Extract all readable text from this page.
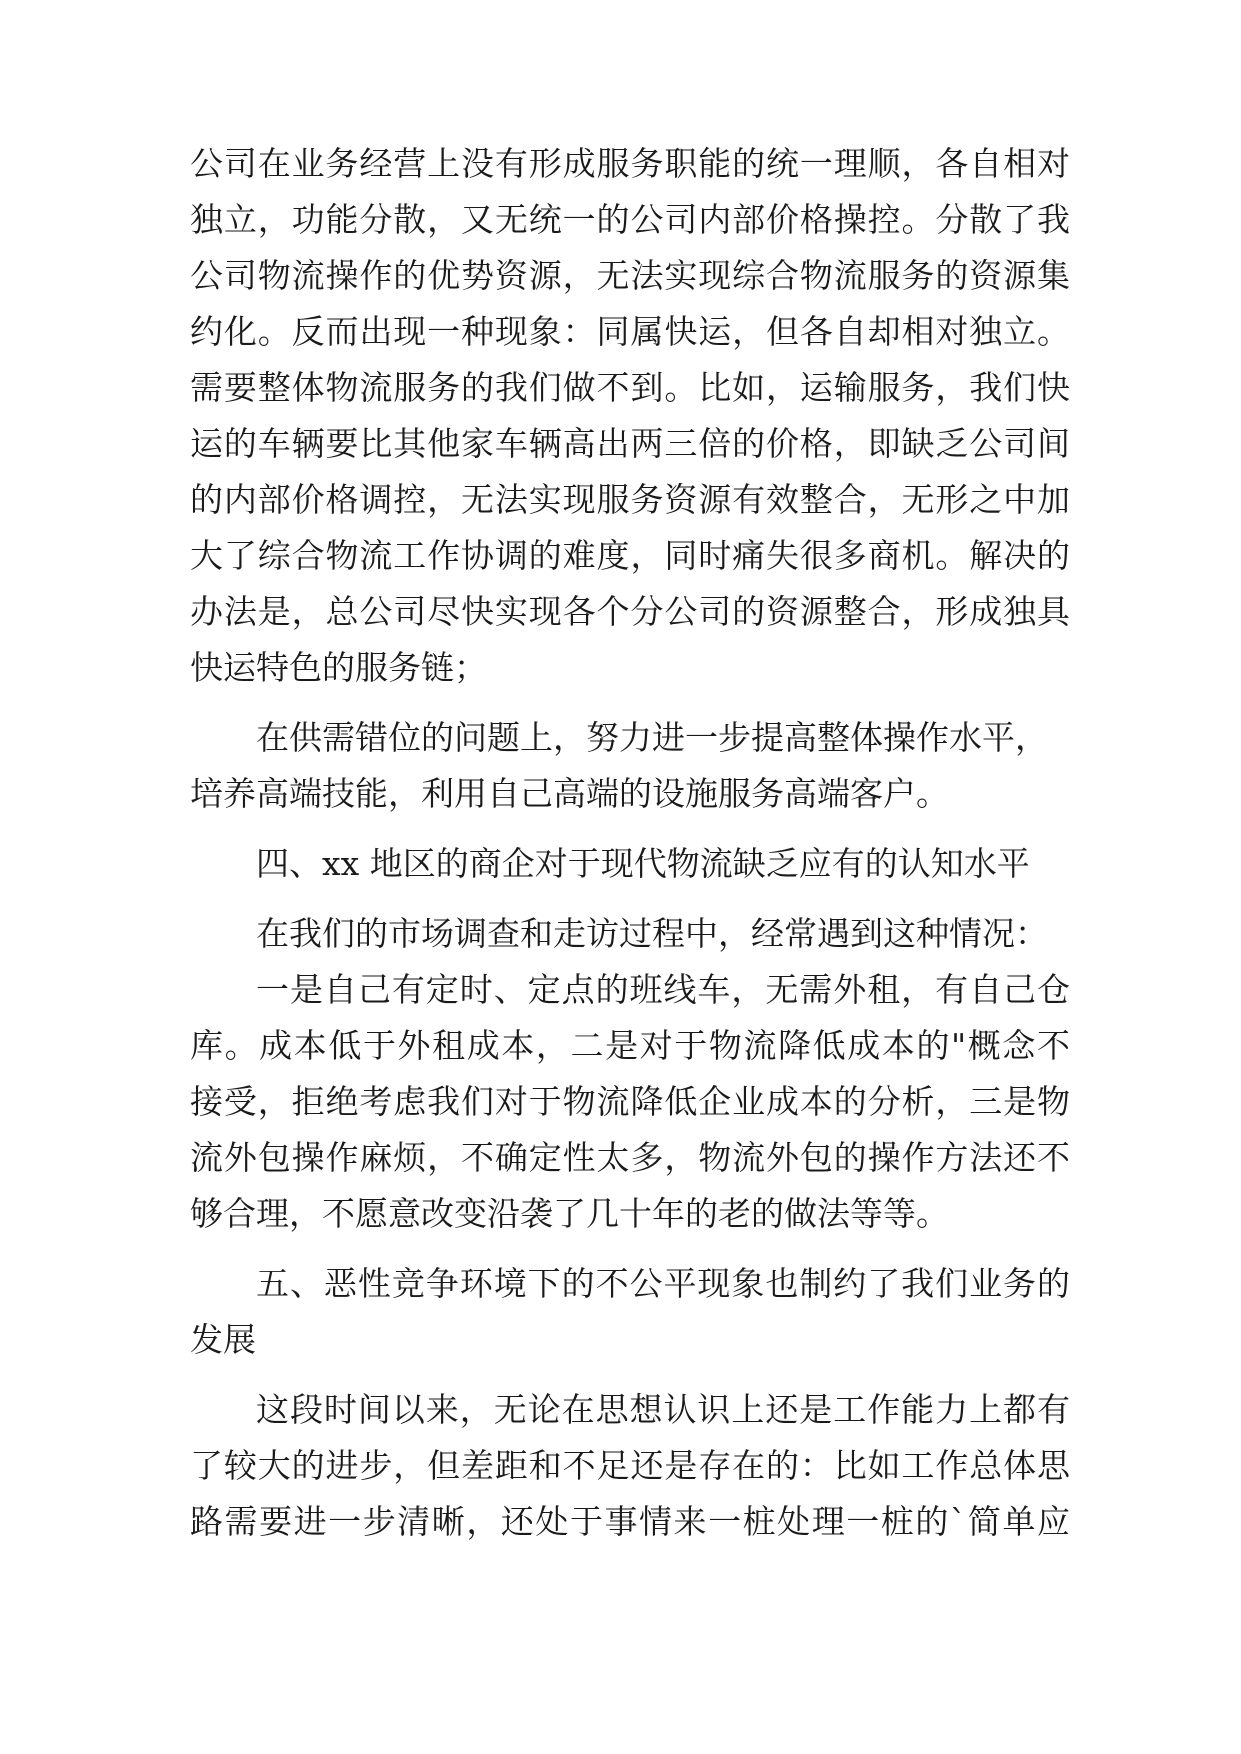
公司在业务经营上没有形成服务职能的统一理顺，各自相对
独立，功能分散，又无统一的公司内部价格操控。分散了我
公司物流操作的优势资源，无法实现综合物流服务的资源集
约化。反而出现一种现象：同属快运，但各自却相对独立。
需要整体物流服务的我们做不到。比如，运输服务，我们快
运的车辆要比其他家车辆高出两三倍的价格，即缺乏公司间
的内部价格调控，无法实现服务资源有效整合，无形之中加
大了综合物流工作协调的难度，同时痛失很多商机。解决的
办法是，总公司尽快实现各个分公司的资源整合，形成独具
快运特色的服务链；
在供需错位的问题上，努力进一步提高整体操作水平，
培养高端技能，利用自己高端的设施服务高端客户。
四、xx 地区的商企对于现代物流缺乏应有的认知水平
在我们的市场调查和走访过程中，经常遇到这种情况：
一是自己有定时、定点的班线车，无需外租，有自己仓
库。成本低于外租成本，二是对于物流降低成本的"概念不
接受，拒绝考虑我们对于物流降低企业成本的分析，三是物
流外包操作麻烦，不确定性太多，物流外包的操作方法还不
够合理，不愿意改变沿袭了几十年的老的做法等等。
五、恶性竞争环境下的不公平现象也制约了我们业务的
发展
这段时间以来，无论在思想认识上还是工作能力上都有
了较大的进步，但差距和不足还是存在的：比如工作总体思
路需要进一步清晰，还处于事情来一桩处理一桩的`简单应
